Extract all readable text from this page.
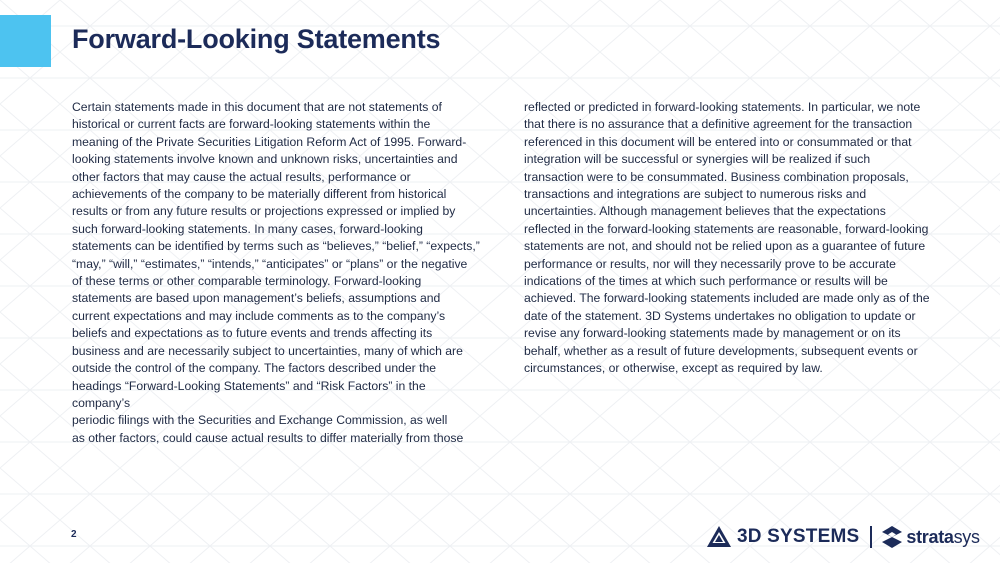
Forward-Looking Statements

Certain statements made in this document that are not statements of
historical or current facts are forward-looking statements within the
meaning of the Private Securities Litigation Reform Act of 1995. Forward-
looking statements involve known and unknown risks, uncertainties and
other factors that may cause the actual results, performance or
achievements of the company to be materially different from historical
results or from any future results or projections expressed or implied by
such forward-looking statements. In many cases, forward-looking
statements can be identified by terms such as “believes,” “belief,” “expects,”
“may,” “will,” “estimates,” “intends,” “anticipates” or “plans” or the negative
of these terms or other comparable terminology. Forward-looking
statements are based upon management’s beliefs, assumptions and
current expectations and may include comments as to the company’s
beliefs and expectations as to future events and trends affecting its
business and are necessarily subject to uncertainties, many of which are
outside the control of the company. The factors described under the
headings “Forward-Looking Statements” and “Risk Factors” in the
company’s
periodic filings with the Securities and Exchange Commission, as well
as other factors, could cause actual results to differ materially from those

reflected or predicted in forward-looking statements. In particular, we note
that there is no assurance that a definitive agreement for the transaction
referenced in this document will be entered into or consummated or that
integration will be successful or synergies will be realized if such
transaction were to be consummated. Business combination proposals,
transactions and integrations are subject to numerous risks and
uncertainties. Although management believes that the expectations
reflected in the forward-looking statements are reasonable, forward-looking
statements are not, and should not be relied upon as a guarantee of future
performance or results, nor will they necessarily prove to be accurate
indications of the times at which such performance or results will be
achieved. The forward-looking statements included are made only as of the
date of the statement. 3D Systems undertakes no obligation to update or
revise any forward-looking statements made by management or on its
behalf, whether as a result of future developments, subsequent events or
circumstances, or otherwise, except as required by law.

2	3D SYSTEMS	stratasys
